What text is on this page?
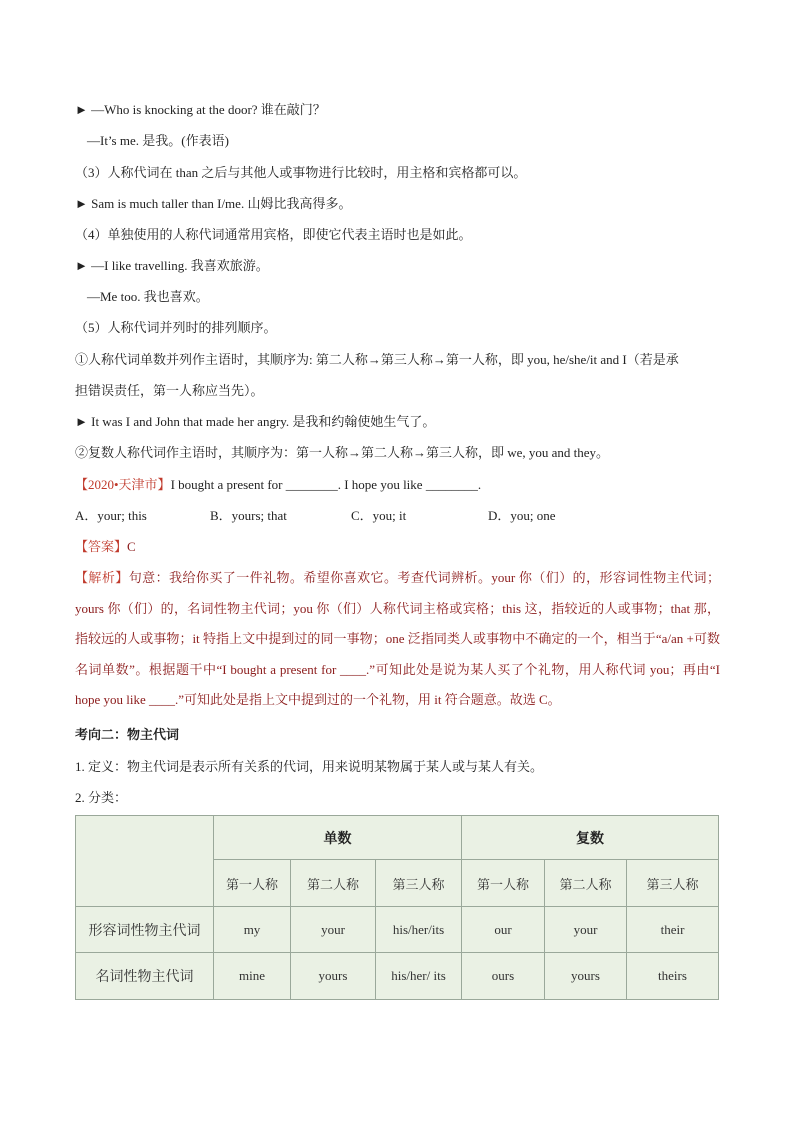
► —Who is knocking at the door? 谁在敲门？
—It’s me. 是我。(作表语)
（3）人称代词在 than 之后与其他人或事物进行比较时，用主格和宾格都可以。
► Sam is much taller than I/me. 山姆比我高得多。
（4）单独使用的人称代词通常用宾格，即使它代表主语时也是如此。
► —I like travelling. 我喜欢旅游。
—Me too. 我也喜欢。
（5）人称代词并列时的排列顺序。
①人称代词单数并列作主语时，其顺序为: 第二人称→第三人称→第一人称，即 you, he/she/it and I（若是承
担错误责任，第一人称应当先）。
► It was I and John that made her angry. 是我和约翰使她生气了。
②复数人称代词作主语时，其顺序为：第一人称→第二人称→第三人称，即 we, you and they。
【2020•天津市】I bought a present for ________. I hope you like ________.
A．your; this	B．yours; that	C．you; it	D．you; one
【答案】C
【解析】句意：我给你买了一件礼物。希望你喜欢它。考查代词辨析。your 你（们）的，形容词性物主代词；yours 你（们）的，名词性物主代词；you 你（们）人称代词主格或宾格；this 这，指较近的人或事物；that 那，指较远的人或事物；it 特指上文中提到过的同一事物；one 泛指同类人或事物中不确定的一个，相当于“a/an +可数名词单数”。根据题干中“I bought a present for ____.”可知此处是说为某人买了个礼物，用人称代词 you；再由“I hope you like ____.”可知此处是指上文中提到过的一个礼物，用 it 符合题意。故选 C。
考向二：物主代词
1. 定义：物主代词是表示所有关系的代词，用来说明某物属于某人或与某人有关。
2. 分类：
	单数			复数		
	第一人称	第二人称	第三人称	第一人称	第二人称	第三人称
形容词性物主代词	my	your	his/her/its	our	your	their
名词性物主代词	mine	yours	his/her/ its	ours	yours	theirs
